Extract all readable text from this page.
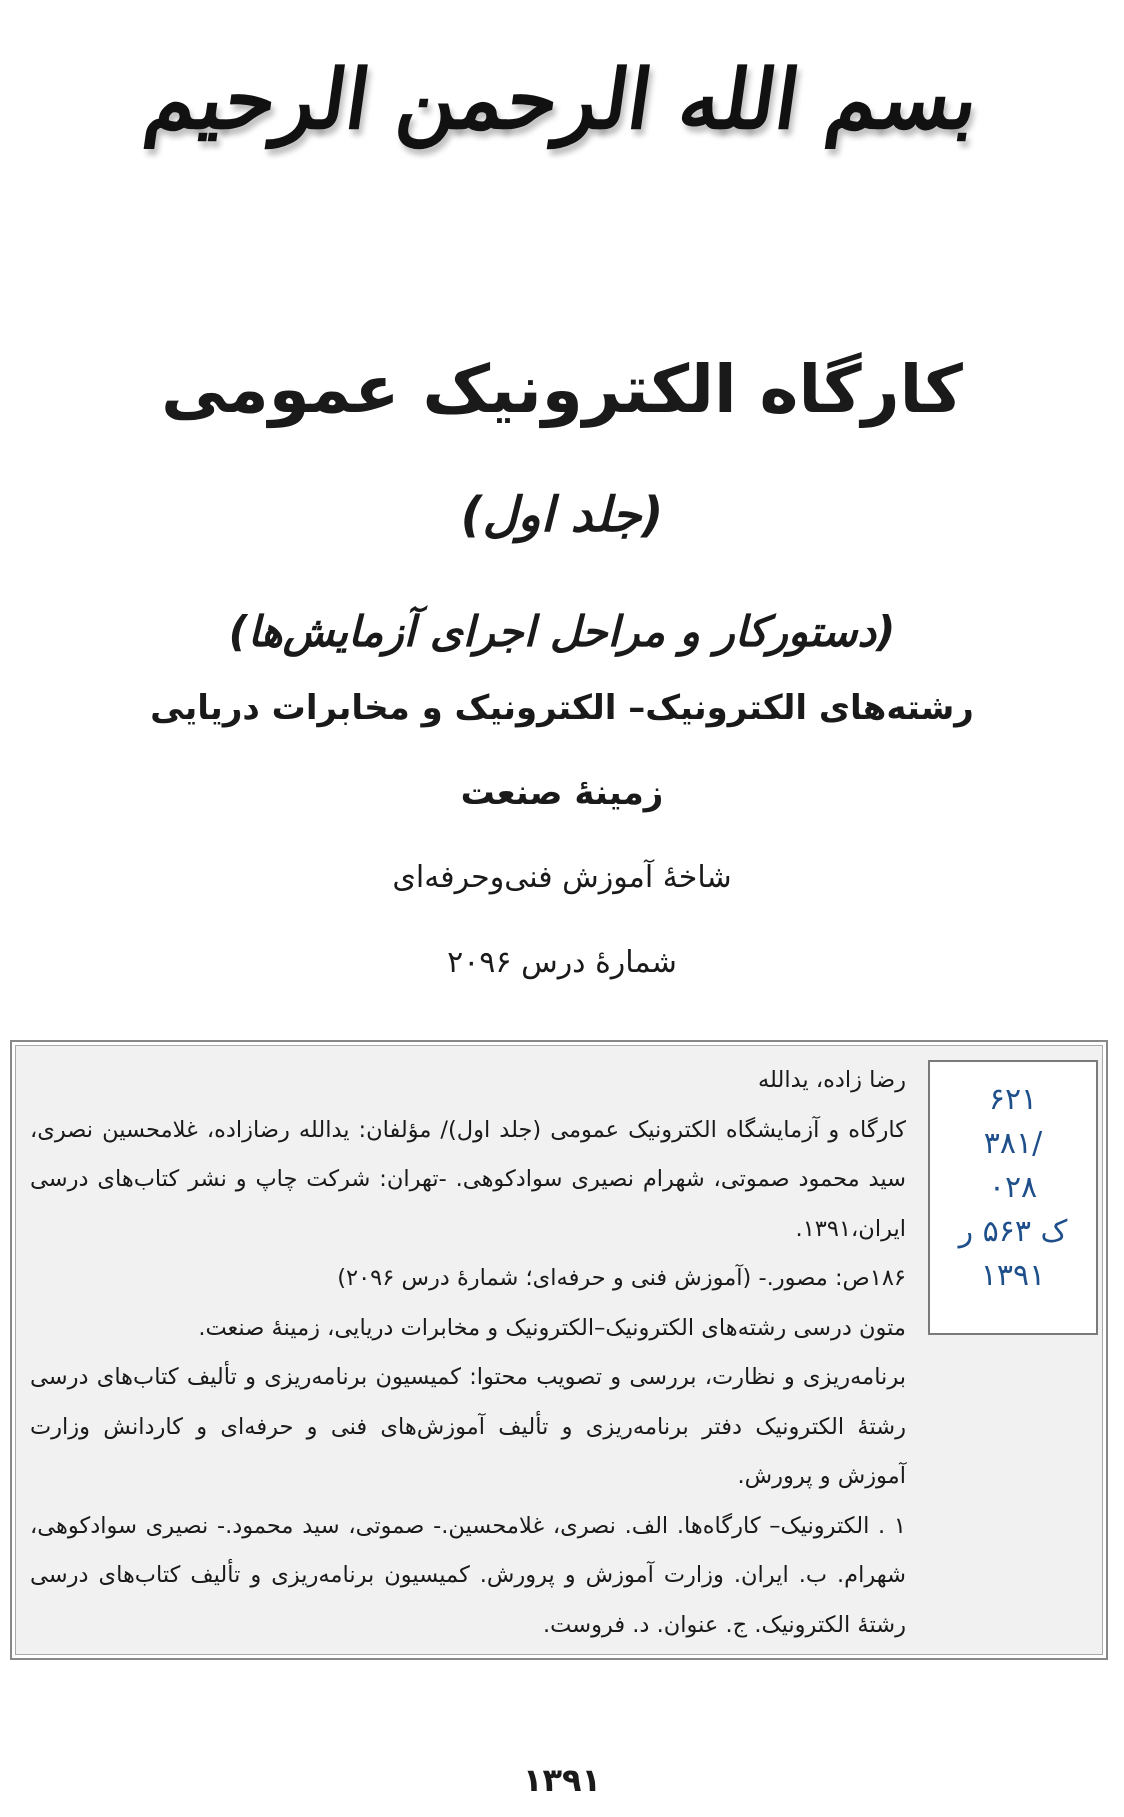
بسم الله الرحمن الرحیم
کارگاه الکترونیک عمومی
(جلد اول)
(دستورکار و مراحل اجرای آزمایش‌ها)
رشته‌های الکترونیک– الکترونیک و مخابرات دریایی
زمینهٔ صنعت
شاخهٔ آموزش فنی‌وحرفه‌ای
شمارهٔ درس ۲۰۹۶
۶۲۱
/۳۸۱
۰۲۸
ک ۵۶۳ ر
۱۳۹۱

رضا زاده، یدالله

کارگاه و آزمایشگاه الکترونیک عمومی (جلد اول)/ مؤلفان: یدالله رضازاده، غلامحسین نصری، سید محمود صموتی، شهرام نصیری سوادکوهی. -تهران: شرکت چاپ و نشر کتاب‌های درسی ایران،۱۳۹۱.

۱۸۶ص: مصور.- (آموزش فنی و حرفه‌ای؛ شمارهٔ درس ۲۰۹۶)

متون درسی رشته‌های الکترونیک–الکترونیک و مخابرات دریایی، زمینهٔ صنعت.

برنامه‌ریزی و نظارت، بررسی و تصویب محتوا: کمیسیون برنامه‌ریزی و تألیف کتاب‌های درسی رشتهٔ الکترونیک دفتر برنامه‌ریزی و تألیف آموزش‌های فنی و حرفه‌ای و کاردانش وزارت آموزش و پرورش.

۱ . الکترونیک– کارگاه‌ها. الف. نصری، غلامحسین.- صموتی، سید محمود.- نصیری سوادکوهی، شهرام. ب. ایران. وزارت آموزش و پرورش. کمیسیون برنامه‌ریزی و تألیف کتاب‌های درسی رشتهٔ الکترونیک. ج. عنوان. د. فروست.

۱۳۹۱
